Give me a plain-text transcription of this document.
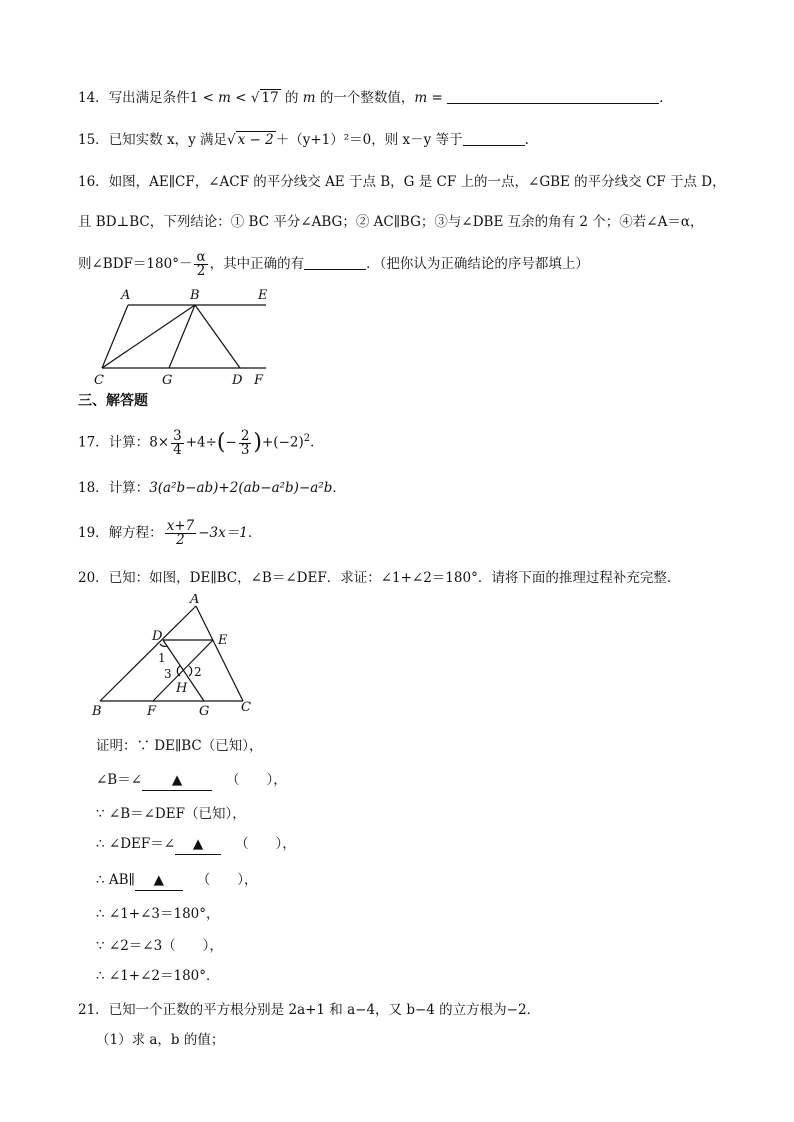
14．写出满足条件1 < m < √ 17 的 m 的一个整数值，m =	.
15．已知实数 x，y 满足√ x − 2 ＋（y+1）²＝0，则 x－y 等于	.
16．如图，AE∥CF，∠ACF 的平分线交 AE 于点 B，G 是 CF 上的一点，∠GBE 的平分线交 CF 于点 D，
且 BD⊥BC，下列结论：① BC 平分∠ABG；② AC∥BG；③与∠DBE 互余的角有 2 个；④若∠A＝α，
则∠BDF＝180°－ $\frac{\alpha}{2}$ ，其中正确的有	．（把你认为正确结论的序号都填上）
A	B	E
C	G	D F
三、解答题
17．计算：$8\times \frac{3}{4} +4\div(- \frac{2}{3} )+(-2)^2$．
18．计算：3(a²b−ab)+2(ab−a²b)−a²b．
19．解方程： $\frac{x+7}{2} -3x=1$．
20．已知：如图，DE∥BC，∠B＝∠DEF．求证：∠1+∠2＝180°．请将下面的推理过程补充完整．
A
D	E
1
3 2
H
B	F	G C
证明：∵ DE∥BC（已知），
∠B＝∠ ▲	（　　），
∵ ∠B＝∠DEF（已知），
∴ ∠DEF＝∠ ▲ （　　），
∴ AB∥ ▲ （　　），
∴ ∠1+∠3＝180°，
∵ ∠2＝∠3（　　），
∴ ∠1+∠2＝180°．
21．已知一个正数的平方根分别是 2a+1 和 a−4，又 b−4 的立方根为−2．
（1）求 a，b 的值；
